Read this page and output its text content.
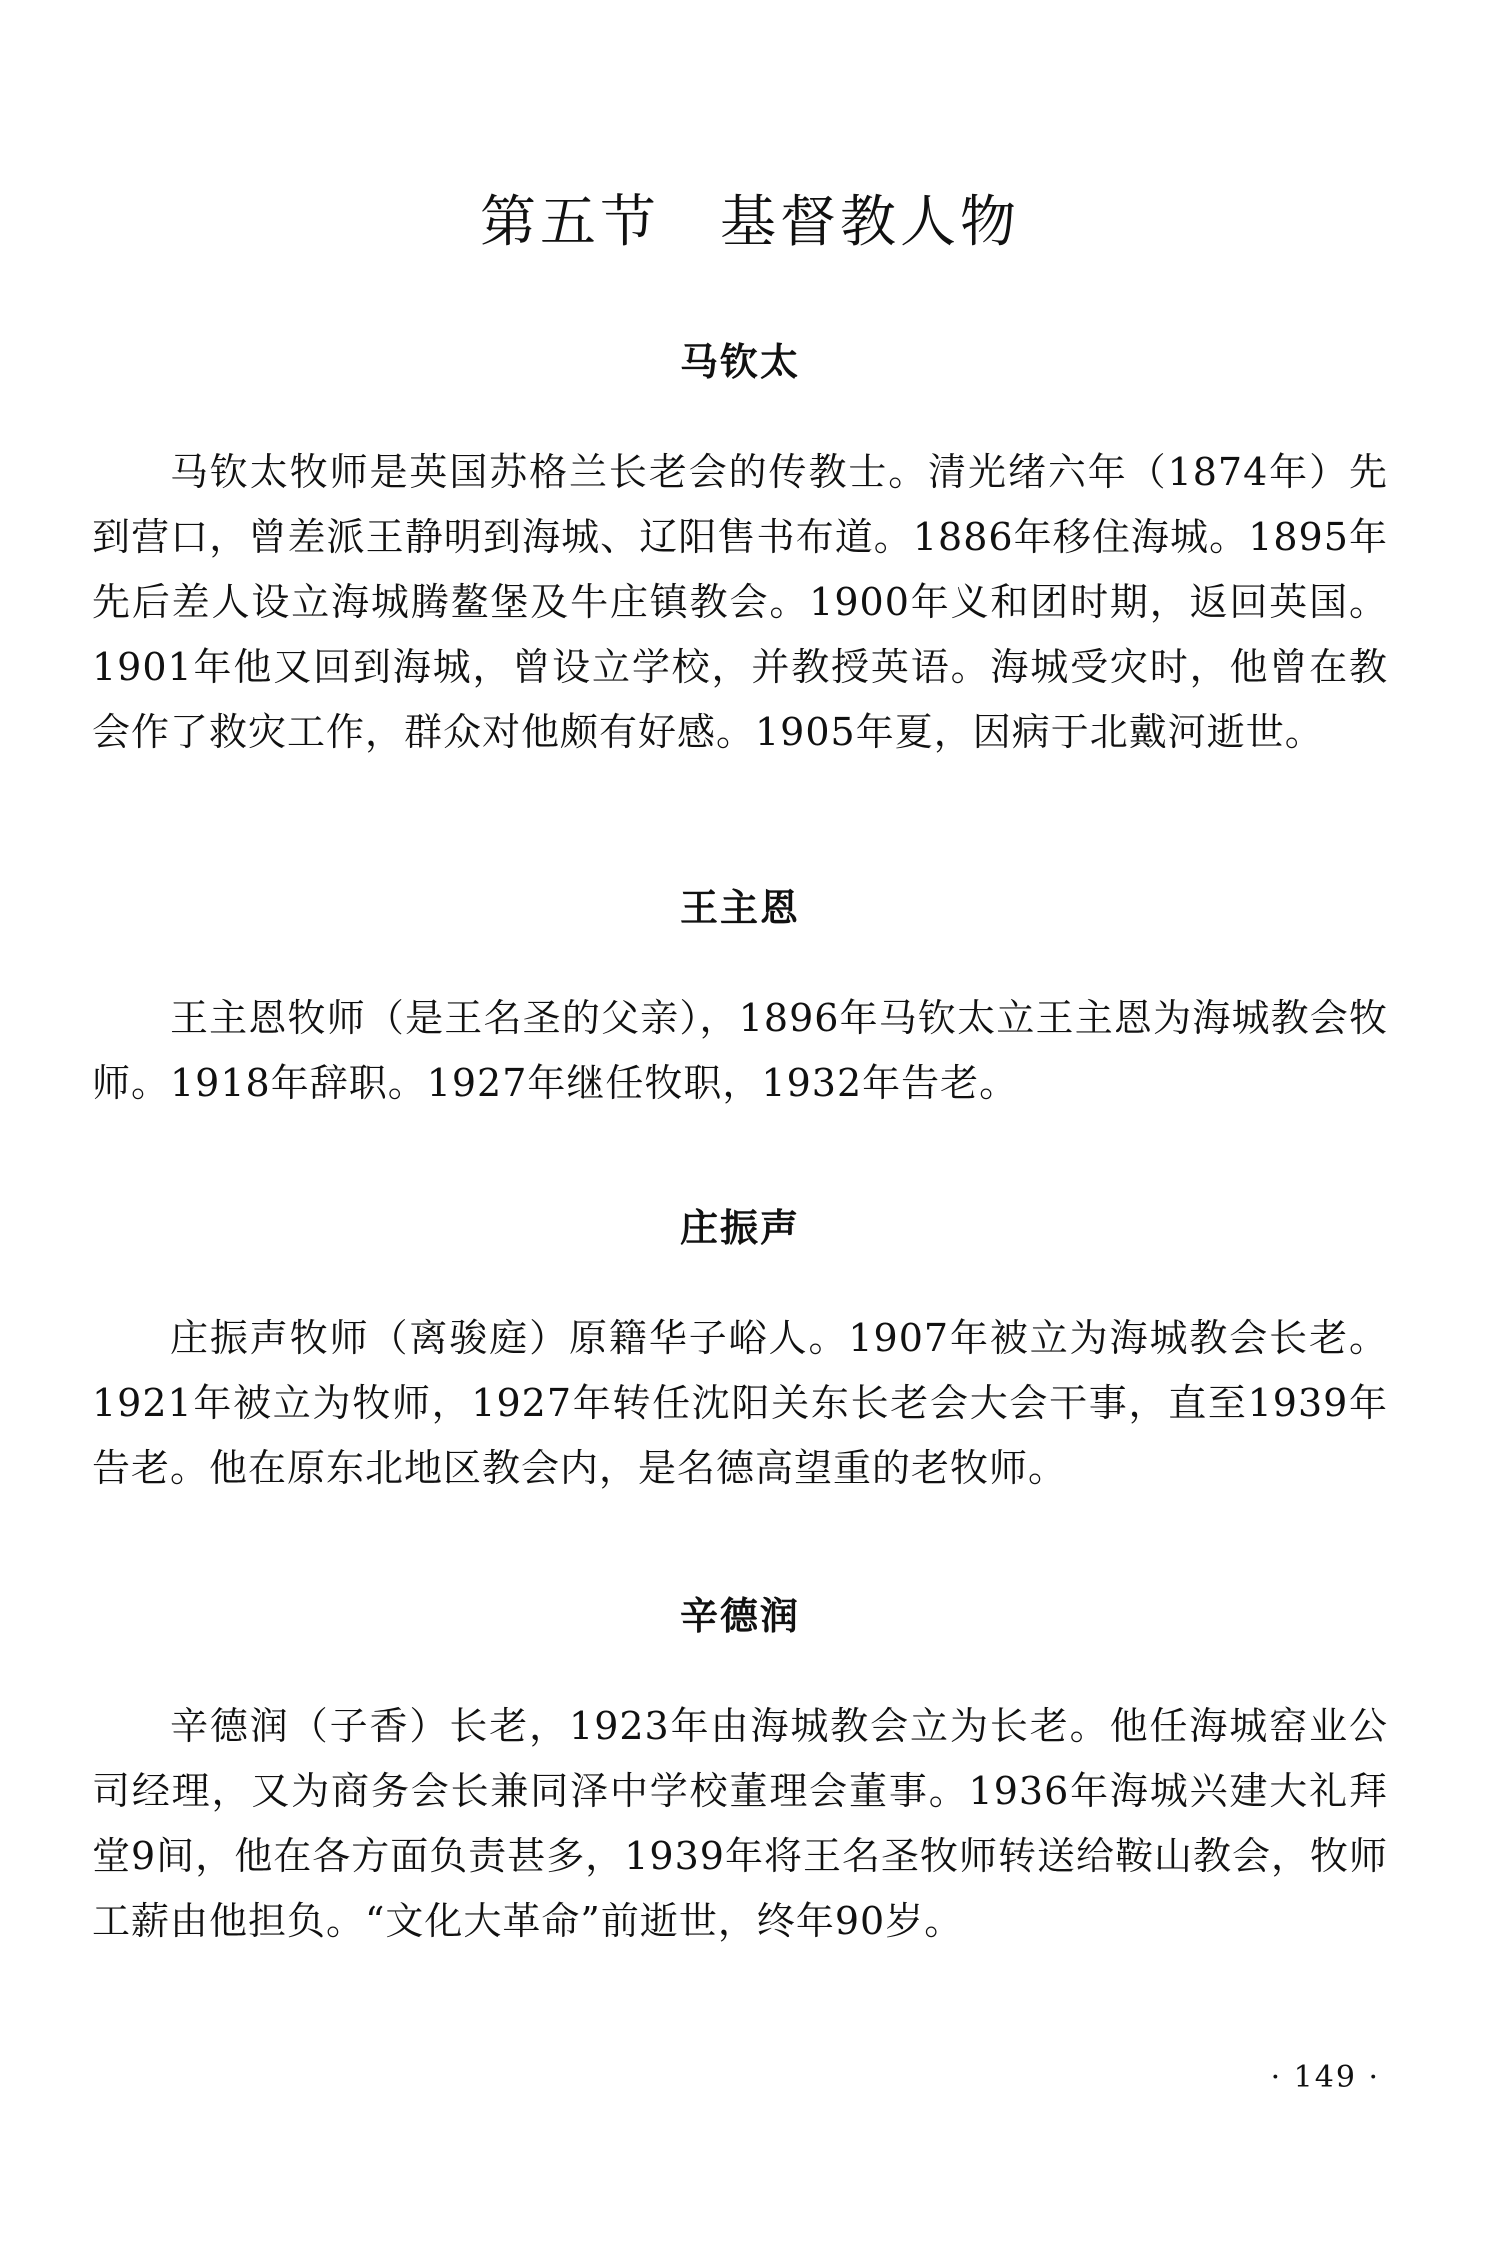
第五节　基督教人物
马钦太

马钦太牧师是英国苏格兰长老会的传教士。清光绪六年（1874年）先到营口，曾差派王静明到海城、辽阳售书布道。1886年移住海城。1895年先后差人设立海城腾鳌堡及牛庄镇教会。1900年义和团时期，返回英国。1901年他又回到海城，曾设立学校，并教授英语。海城受灾时，他曾在教会作了救灾工作，群众对他颇有好感。1905年夏，因病于北戴河逝世。

王主恩

王主恩牧师（是王名圣的父亲），1896年马钦太立王主恩为海城教会牧师。1918年辞职。1927年继任牧职，1932年告老。

庄振声

庄振声牧师（离骏庭）原籍华子峪人。1907年被立为海城教会长老。1921年被立为牧师，1927年转任沈阳关东长老会大会干事，直至1939年告老。他在原东北地区教会内，是名德高望重的老牧师。

辛德润

辛德润（子香）长老，1923年由海城教会立为长老。他任海城窑业公司经理，又为商务会长兼同泽中学校董理会董事。1936年海城兴建大礼拜堂9间，他在各方面负责甚多，1939年将王名圣牧师转送给鞍山教会，牧师工薪由他担负。“文化大革命”前逝世，终年90岁。

· 149 ·
